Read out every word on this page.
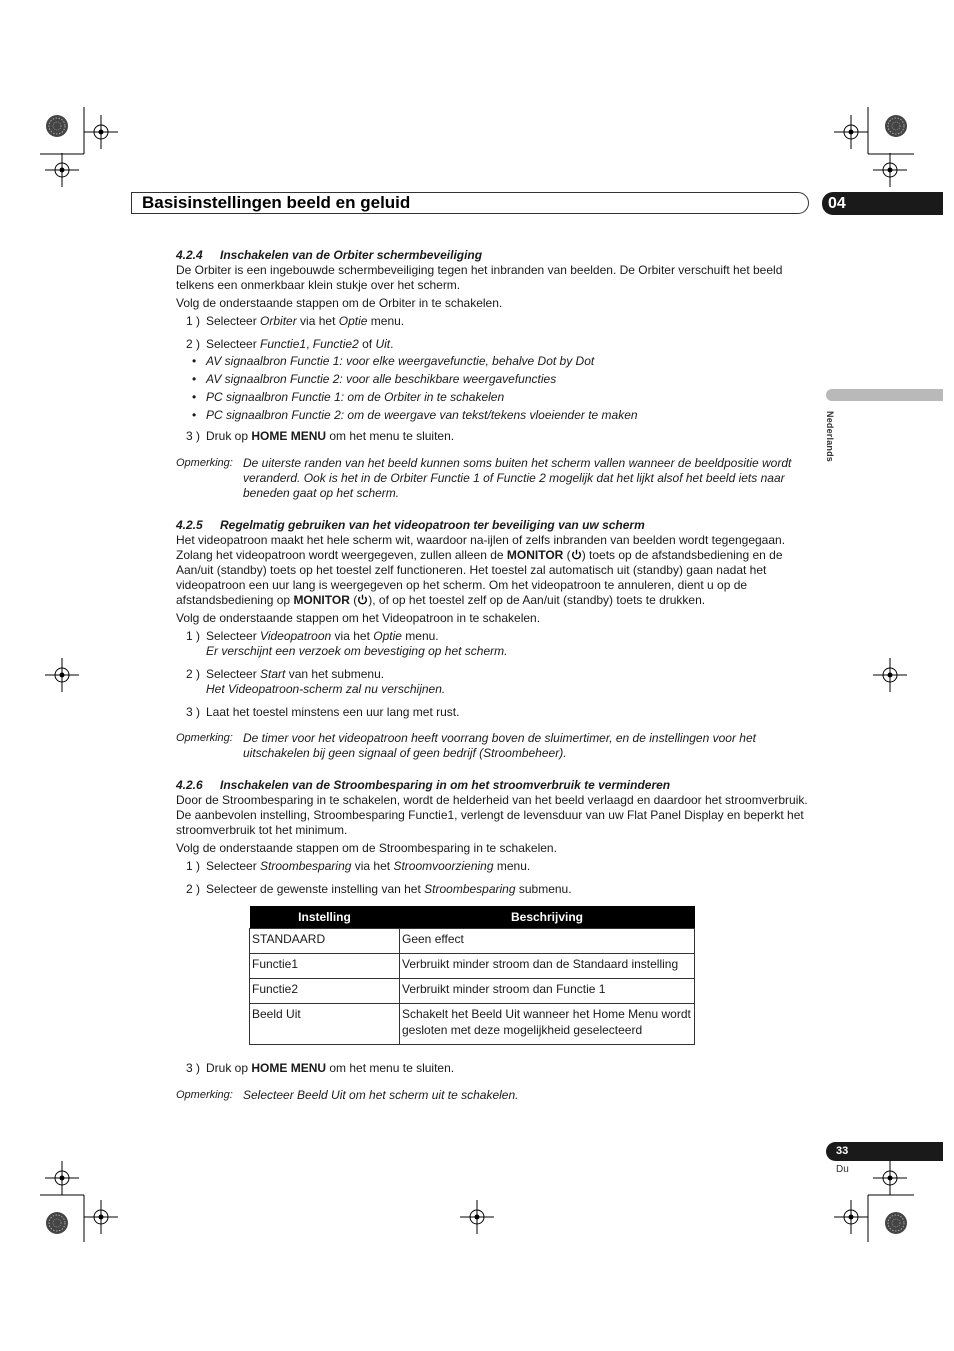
Basisinstellingen beeld en geluid	04
Nederlands
4.2.4 Inschakelen van de Orbiter schermbeveiliging

De Orbiter is een ingebouwde schermbeveiliging tegen het inbranden van beelden. De Orbiter verschuift het beeld telkens een onmerkbaar klein stukje over het scherm.

Volg de onderstaande stappen om de Orbiter in te schakelen.

1 ) Selecteer Orbiter via het Optie menu.
2 ) Selecteer Functie1, Functie2 of Uit.
• AV signaalbron Functie 1: voor elke weergavefunctie, behalve Dot by Dot
• AV signaalbron Functie 2: voor alle beschikbare weergavefuncties
• PC signaalbron Functie 1: om de Orbiter in te schakelen
• PC signaalbron Functie 2: om de weergave van tekst/tekens vloeiender te maken
3 ) Druk op HOME MENU om het menu te sluiten.
Opmerking: De uiterste randen van het beeld kunnen soms buiten het scherm vallen wanneer de beeldpositie wordt veranderd. Ook is het in de Orbiter Functie 1 of Functie 2 mogelijk dat het lijkt alsof het beeld iets naar beneden gaat op het scherm.
4.2.5 Regelmatig gebruiken van het videopatroon ter beveiliging van uw scherm

Het videopatroon maakt het hele scherm wit, waardoor na-ijlen of zelfs inbranden van beelden wordt tegengegaan. Zolang het videopatroon wordt weergegeven, zullen alleen de MONITOR ( ) toets op de afstandsbediening en de Aan/uit (standby) toets op het toestel zelf functioneren. Het toestel zal automatisch uit (standby) gaan nadat het videopatroon een uur lang is weergegeven op het scherm. Om het videopatroon te annuleren, dient u op de afstandsbediening op MONITOR ( ), of op het toestel zelf op de Aan/uit (standby) toets te drukken.

Volg de onderstaande stappen om het Videopatroon in te schakelen.

1 ) Selecteer Videopatroon via het Optie menu.
Er verschijnt een verzoek om bevestiging op het scherm.
2 ) Selecteer Start van het submenu.
Het Videopatroon-scherm zal nu verschijnen.
3 ) Laat het toestel minstens een uur lang met rust.
Opmerking: De timer voor het videopatroon heeft voorrang boven de sluimertimer, en de instellingen voor het uitschakelen bij geen signaal of geen bedrijf (Stroombeheer).
4.2.6 Inschakelen van de Stroombesparing in om het stroomverbruik te verminderen

Door de Stroombesparing in te schakelen, wordt de helderheid van het beeld verlaagd en daardoor het stroomverbruik. De aanbevolen instelling, Stroombesparing Functie1, verlengt de levensduur van uw Flat Panel Display en beperkt het stroomverbruik tot het minimum.

Volg de onderstaande stappen om de Stroombesparing in te schakelen.

1 ) Selecteer Stroombesparing via het Stroomvoorziening menu.
2 ) Selecteer de gewenste instelling van het Stroombesparing submenu.
Instelling	Beschrijving
STANDAARD	Geen effect
Functie1	Verbruikt minder stroom dan de Standaard instelling
Functie2	Verbruikt minder stroom dan Functie 1
Beeld Uit	Schakelt het Beeld Uit wanneer het Home Menu wordt gesloten met deze mogelijkheid geselecteerd
3 ) Druk op HOME MENU om het menu te sluiten.
Opmerking: Selecteer Beeld Uit om het scherm uit te schakelen.
33
Du
